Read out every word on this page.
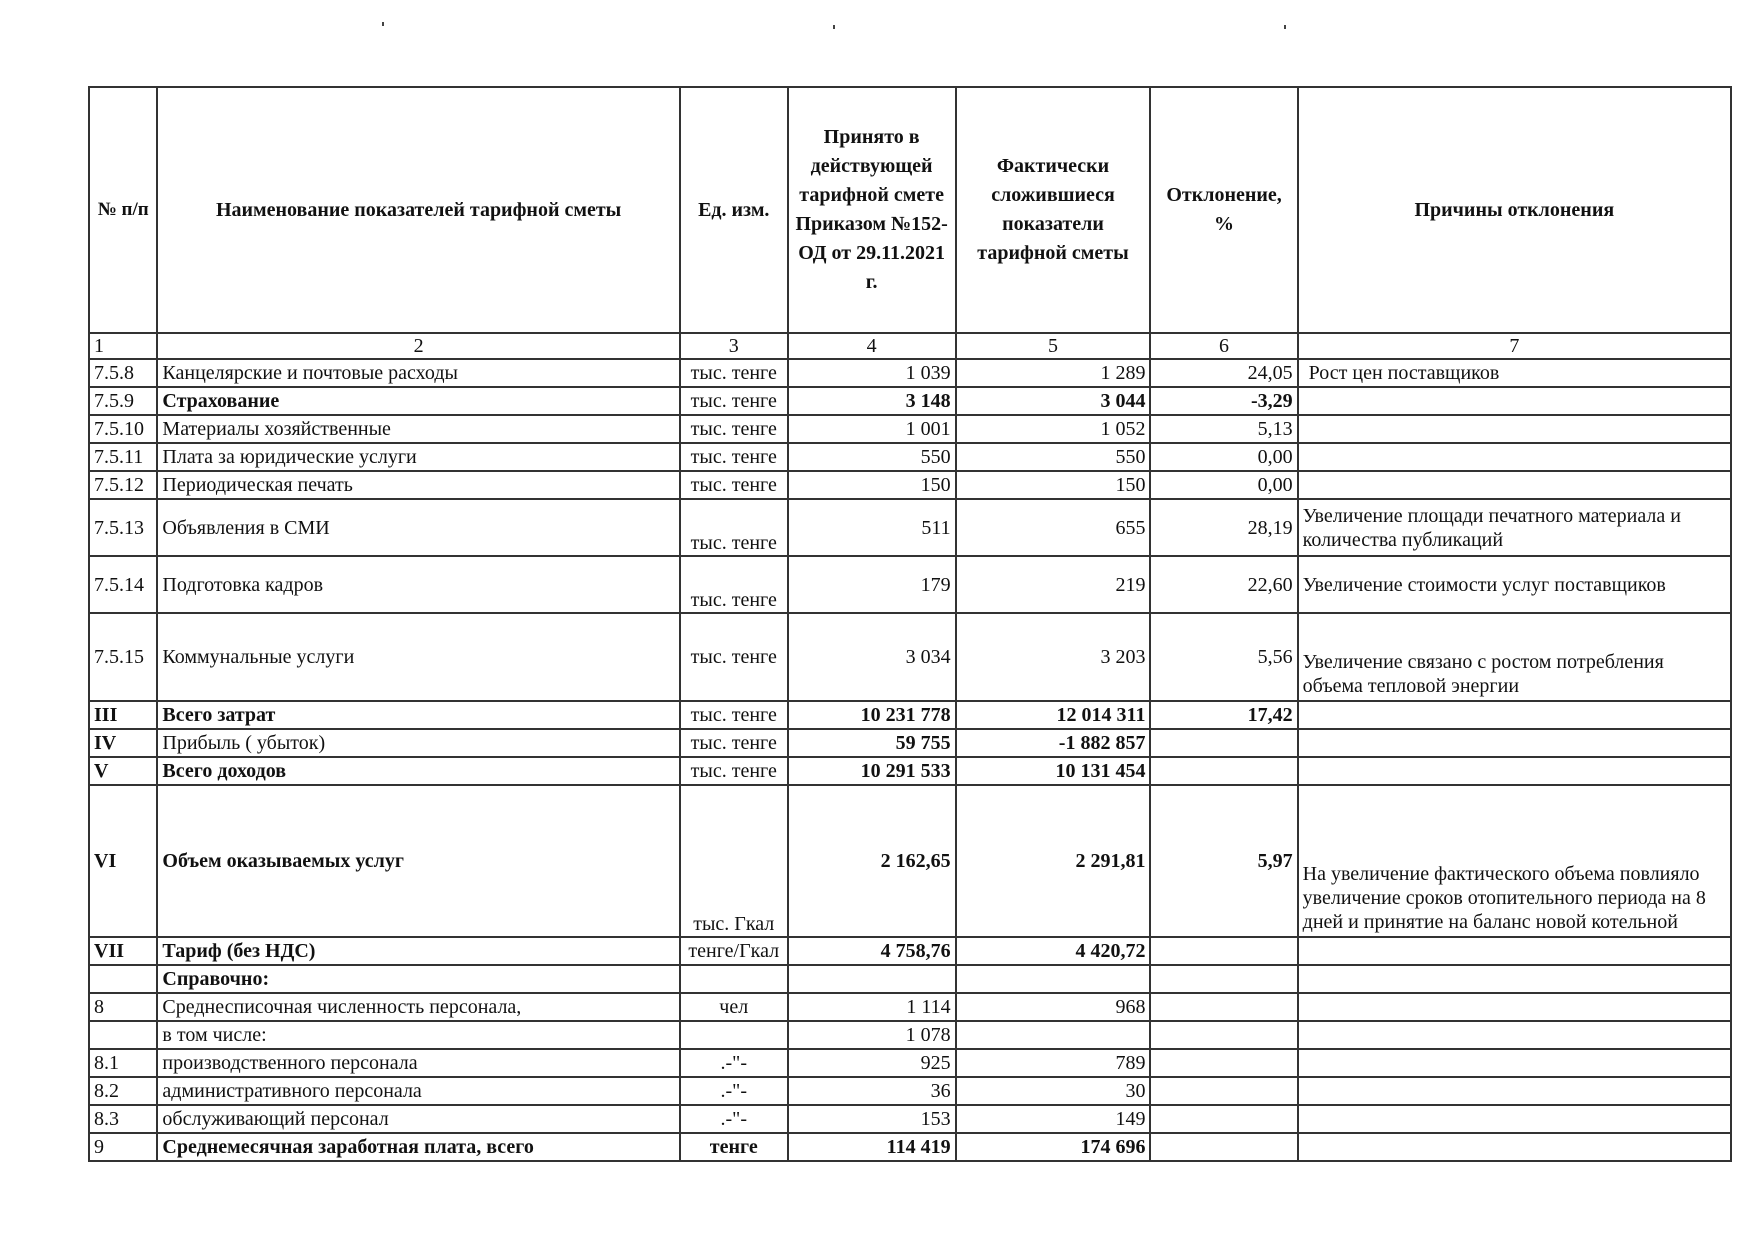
№ п/п	Наименование показателей тарифной сметы	Ед. изм.	Принято в действующей тарифной смете Приказом №152-ОД от 29.11.2021 г.	Фактически сложившиеся показатели тарифной сметы	Отклонение, %	Причины отклонения
1	2	3	4	5	6	7
7.5.8	Канцелярские и почтовые расходы	тыс. тенге	1 039	1 289	24,05	Рост цен поставщиков
7.5.9	Страхование	тыс. тенге	3 148	3 044	-3,29	
7.5.10	Материалы хозяйственные	тыс. тенге	1 001	1 052	5,13	
7.5.11	Плата за юридические услуги	тыс. тенге	550	550	0,00	
7.5.12	Периодическая печать	тыс. тенге	150	150	0,00	
7.5.13	Объявления в СМИ	тыс. тенге	511	655	28,19	Увеличение площади печатного материала и количества публикаций
7.5.14	Подготовка кадров	тыс. тенге	179	219	22,60	Увеличение стоимости услуг поставщиков
7.5.15	Коммунальные услуги	тыс. тенге	3 034	3 203	5,56	Увеличение связано с ростом потребления объема тепловой энергии
III	Всего затрат	тыс. тенге	10 231 778	12 014 311	17,42	
IV	Прибыль ( убыток)	тыс. тенге	59 755	-1 882 857		
V	Всего доходов	тыс. тенге	10 291 533	10 131 454		
VI	Объем оказываемых услуг	тыс. Гкал	2 162,65	2 291,81	5,97	На увеличение фактического объема повлияло увеличение сроков отопительного периода на 8 дней и принятие на баланс новой котельной
VII	Тариф (без НДС)	тенге/Гкал	4 758,76	4 420,72		
	Справочно:					
8	Среднесписочная численность персонала,	чел	1 114	968		
	в том числе:		1 078			
8.1	производственного персонала	.-"-	925	789		
8.2	административного персонала	.-"-	36	30		
8.3	обслуживающий персонал	.-"-	153	149		
9	Среднемесячная заработная плата, всего	тенге	114 419	174 696		
